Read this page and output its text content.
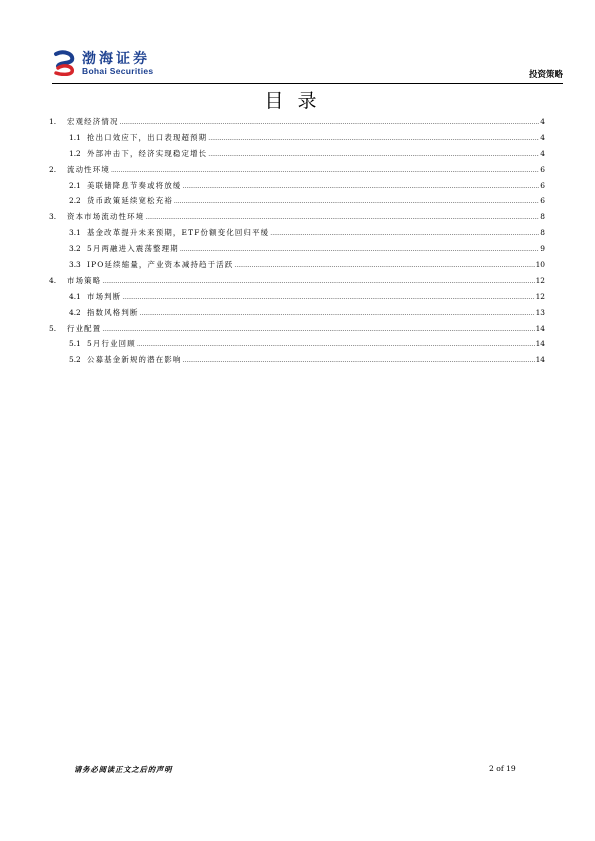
渤海证券
Bohai Securities	投资策略
目录
1.	宏观经济情况 .....	4
1.1 抢出口效应下，出口表现超预期 .....	4
1.2 外部冲击下，经济实现稳定增长 .....	4
2.	流动性环境 .....	6
2.1 美联储降息节奏或将放缓 .....	6
2.2 货币政策延续宽松充裕 .....	6
3.	资本市场流动性环境 .....	8
3.1 基金改革提升未来预期，ETF份额变化回归平缓 .....	8
3.2 5月两融进入震荡整理期 .....	9
3.3 IPO延续缩量，产业资本减持趋于活跃 .....	10
4.	市场策略 .....	12
4.1 市场判断 .....	12
4.2 指数风格判断 .....	13
5.	行业配置 .....	14
5.1 5月行业回顾 .....	14
5.2 公募基金新规的潜在影响 .....	14
请务必阅读正文之后的声明	2 of 19
